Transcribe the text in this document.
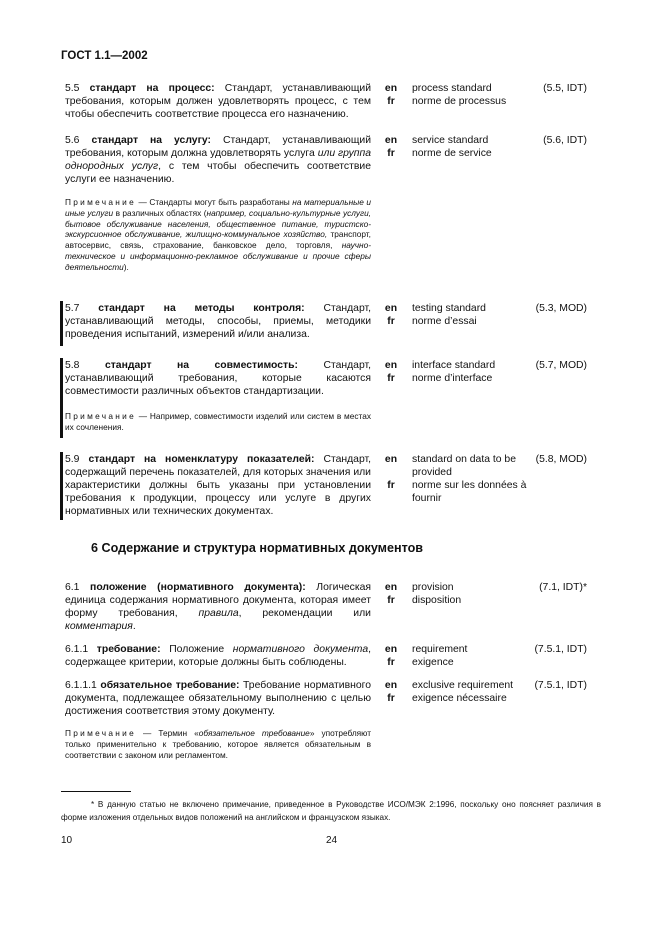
ГОСТ 1.1—2002
5.5 стандарт на процесс: Стандарт, устанавливающий требования, которым должен удовлетворять процесс, с тем чтобы обеспечить соответствие процесса его назначению.
en
fr
process standard
norme de processus
(5.5, IDT)
5.6 стандарт на услугу: Стандарт, устанавливающий требования, которым должна удовлетворять услуга или группа однородных услуг, с тем чтобы обеспечить соответствие услуги ее назначению.
en
fr
service standard
norme de service
(5.6, IDT)
Примечание — Стандарты могут быть разработаны на материальные и иные услуги в различных областях (например, социально-культурные услуги, бытовое обслуживание населения, общественное питание, туристско-экскурсионное обслуживание, жилищно-коммунальное хозяйство, транспорт, автосервис, связь, страхование, банковское дело, торговля, научно-техническое и информационно-рекламное обслуживание и прочие сферы деятельности).
5.7 стандарт на методы контроля: Стандарт, устанавливающий методы, способы, приемы, методики проведения испытаний, измерений и/или анализа.
en
fr
testing standard
norme d’essai
(5.3, MOD)
5.8 стандарт на совместимость: Стандарт, устанавливающий требования, которые касаются совместимости различных объектов стандартизации.
en
fr
interface standard
norme d’interface
(5.7, MOD)
Примечание — Например, совместимости изделий или систем в местах их сочленения.
5.9 стандарт на номенклатуру показателей: Стандарт, содержащий перечень показателей, для которых значения или характеристики должны быть указаны при установлении требования к продукции, процессу или услуге в других нормативных или технических документах.
en
fr
standard on data to be provided
norme sur les données à fournir
(5.8, MOD)
6 Содержание и структура нормативных документов
6.1 положение (нормативного документа): Логическая единица содержания нормативного документа, которая имеет форму требования, правила, рекомендации или комментария.
en
fr
provision
disposition
(7.1, IDT)*
6.1.1 требование: Положение нормативного документа, содержащее критерии, которые должны быть соблюдены.
en
fr
requirement
exigence
(7.5.1, IDT)
6.1.1.1 обязательное требование: Требование нормативного документа, подлежащее обязательному выполнению с целью достижения соответствия этому документу.
en
fr
exclusive requirement
exigence nécessaire
(7.5.1, IDT)
Примечание — Термин «обязательное требование» употребляют только применительно к требованию, которое является обязательным в соответствии с законом или регламентом.
* В данную статью не включено примечание, приведенное в Руководстве ИСО/МЭК 2:1996, поскольку оно поясняет различия в форме изложения отдельных видов положений на английском и французском языках.
10	24
